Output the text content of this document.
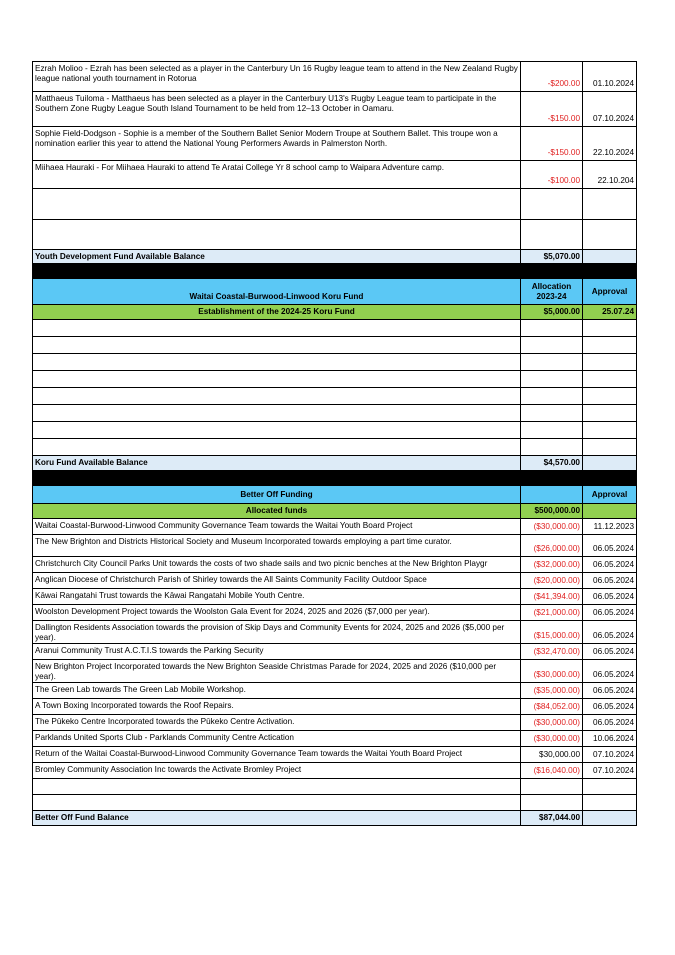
Ezrah Molioo - Ezrah has been selected as a player in the Canterbury Un 16 Rugby league team to attend in the New Zealand Rugby league national youth tournament in Rotorua	-$200.00	01.10.2024
Matthaeus Tuiloma - Matthaeus has been selected as a player in the Canterbury U13's Rugby League team to participate in the Southern Zone Rugby League South Island Tournament to be held from 12–13 October in Oamaru.	-$150.00	07.10.2024
Sophie Field-Dodgson - Sophie is a member of the Southern Ballet Senior Modern Troupe at Southern Ballet. This troupe won a nomination earlier this year to attend the National Young Performers Awards in Palmerston North.	-$150.00	22.10.2024
Miihaea Hauraki - For Miihaea Hauraki to attend Te Aratai College Yr 8 school camp to Waipara Adventure camp.	-$100.00	22.10.204

Youth Development Fund Available Balance	$5,070.00	

Waitai Coastal-Burwood-Linwood Koru Fund	Allocation 2023-24	Approval
Establishment of the 2024-25 Koru Fund	$5,000.00	25.07.24

Koru Fund Available Balance	$4,570.00	

Better Off Funding		Approval
Allocated funds	$500,000.00	
Waitai Coastal-Burwood-Linwood Community Governance Team towards the Waitai Youth Board Project	($30,000.00)	11.12.2023
The New Brighton and Districts Historical Society and Museum Incorporated towards employing a part time curator.	($26,000.00)	06.05.2024
Christchurch City Council Parks Unit towards the costs of two shade sails and two picnic benches at the New Brighton Playgr	($32,000.00)	06.05.2024
Anglican Diocese of Christchurch Parish of Shirley towards the All Saints Community Facility Outdoor Space	($20,000.00)	06.05.2024
Kāwai Rangatahi Trust towards the Kāwai Rangatahi Mobile Youth Centre.	($41,394.00)	06.05.2024
Woolston Development Project towards the Woolston Gala Event for 2024, 2025 and 2026 ($7,000 per year).	($21,000.00)	06.05.2024
Dallington Residents Association towards the provision of Skip Days and Community Events for 2024, 2025 and 2026 ($5,000 per year).	($15,000.00)	06.05.2024
Aranui Community Trust A.C.T.I.S towards the Parking Security	($32,470.00)	06.05.2024
New Brighton Project Incorporated towards the New Brighton Seaside Christmas Parade for 2024, 2025 and 2026 ($10,000 per year).	($30,000.00)	06.05.2024
The Green Lab towards The Green Lab Mobile Workshop.	($35,000.00)	06.05.2024
A Town Boxing Incorporated towards the Roof Repairs.	($84,052.00)	06.05.2024
The Pūkeko Centre Incorporated towards the Pūkeko Centre Activation.	($30,000.00)	06.05.2024
Parklands United Sports Club - Parklands Community Centre Actication	($30,000.00)	10.06.2024
Return of the Waitai Coastal-Burwood-Linwood Community Governance Team towards the Waitai Youth Board Project	$30,000.00	07.10.2024
Bromley Community Association Inc towards the Activate Bromley Project	($16,040.00)	07.10.2024

Better Off Fund Balance	$87,044.00	
